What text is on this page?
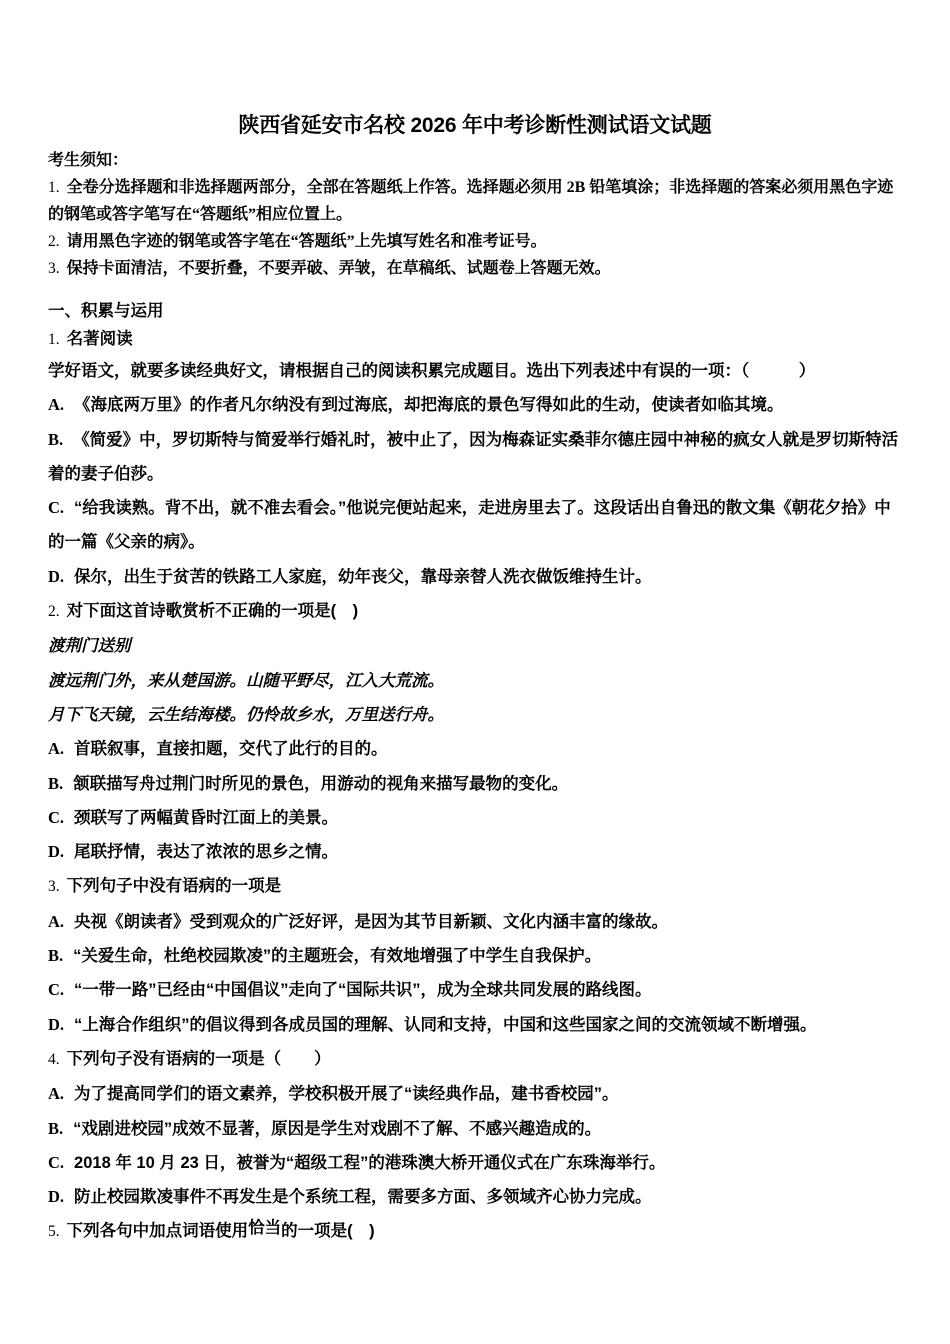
陕西省延安市名校 2026 年中考诊断性测试语文试题

考生须知：

1. 全卷分选择题和非选择题两部分，全部在答题纸上作答。选择题必须用 2B 铅笔填涂；非选择题的答案必须用黑色字迹的钢笔或答字笔写在“答题纸”相应位置上。

2. 请用黑色字迹的钢笔或答字笔在“答题纸”上先填写姓名和准考证号。

3. 保持卡面清洁，不要折叠，不要弄破、弄皱，在草稿纸、试题卷上答题无效。

一、积累与运用

1. 名著阅读

学好语文，就要多读经典好文，请根据自己的阅读积累完成题目。选出下列表述中有误的一项：（　　　）

A. 《海底两万里》的作者凡尔纳没有到过海底，却把海底的景色写得如此的生动，使读者如临其境。

B. 《简爱》中，罗切斯特与简爱举行婚礼时，被中止了，因为梅森证实桑菲尔德庄园中神秘的疯女人就是罗切斯特活着的妻子伯莎。

C. “给我读熟。背不出，就不准去看会。”他说完便站起来，走进房里去了。这段话出自鲁迅的散文集《朝花夕拾》中的一篇《父亲的病》。

D. 保尔，出生于贫苦的铁路工人家庭，幼年丧父，靠母亲替人洗衣做饭维持生计。

2. 对下面这首诗歌赏析不正确的一项是(　)

渡荆门送别

渡远荆门外，来从楚国游。山随平野尽，江入大荒流。

月下飞天镜，云生结海楼。仍怜故乡水，万里送行舟。

A. 首联叙事，直接扣题，交代了此行的目的。

B. 颔联描写舟过荆门时所见的景色，用游动的视角来描写最物的变化。

C. 颈联写了两幅黄昏时江面上的美景。

D. 尾联抒情，表达了浓浓的思乡之情。

3. 下列句子中没有语病的一项是

A. 央视《朗读者》受到观众的广泛好评，是因为其节目新颖、文化内涵丰富的缘故。

B. “关爱生命，杜绝校园欺凌”的主题班会，有效地增强了中学生自我保护。

C. “一带一路”已经由“中国倡议”走向了“国际共识”，成为全球共同发展的路线图。

D. “上海合作组织”的倡议得到各成员国的理解、认同和支持，中国和这些国家之间的交流领域不断增强。

4. 下列句子没有语病的一项是（　　）

A. 为了提高同学们的语文素养，学校积极开展了“读经典作品，建书香校园”。

B. “戏剧进校园”成效不显著，原因是学生对戏剧不了解、不感兴趣造成的。

C. 2018 年 10 月 23 日，被誉为“超级工程”的港珠澳大桥开通仪式在广东珠海举行。

D. 防止校园欺凌事件不再发生是个系统工程，需要多方面、多领域齐心协力完成。

5. 下列各句中加点词语使用恰当的一项是(　)
